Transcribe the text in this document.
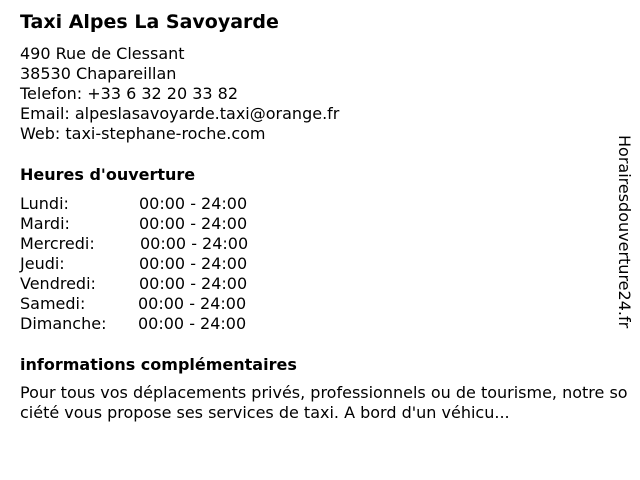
Taxi Alpes La Savoyarde
490 Rue de Clessant
38530 Chapareillan
Telefon: +33 6 32 20 33 82
Email: alpeslasavoyarde.taxi@orange.fr
Web: taxi-stephane-roche.com
Heures d'ouverture
Lundi:	00:00 - 24:00
Mardi:	00:00 - 24:00
Mercredi:	00:00 - 24:00
Jeudi:	00:00 - 24:00
Vendredi:	00:00 - 24:00
Samedi:	00:00 - 24:00
Dimanche: 00:00 - 24:00
informations complémentaires
Pour tous vos déplacements privés, professionnels ou de tourisme, notre société vous propose ses services de taxi. A bord d'un véhicu...
Horairesdouverture24.fr
